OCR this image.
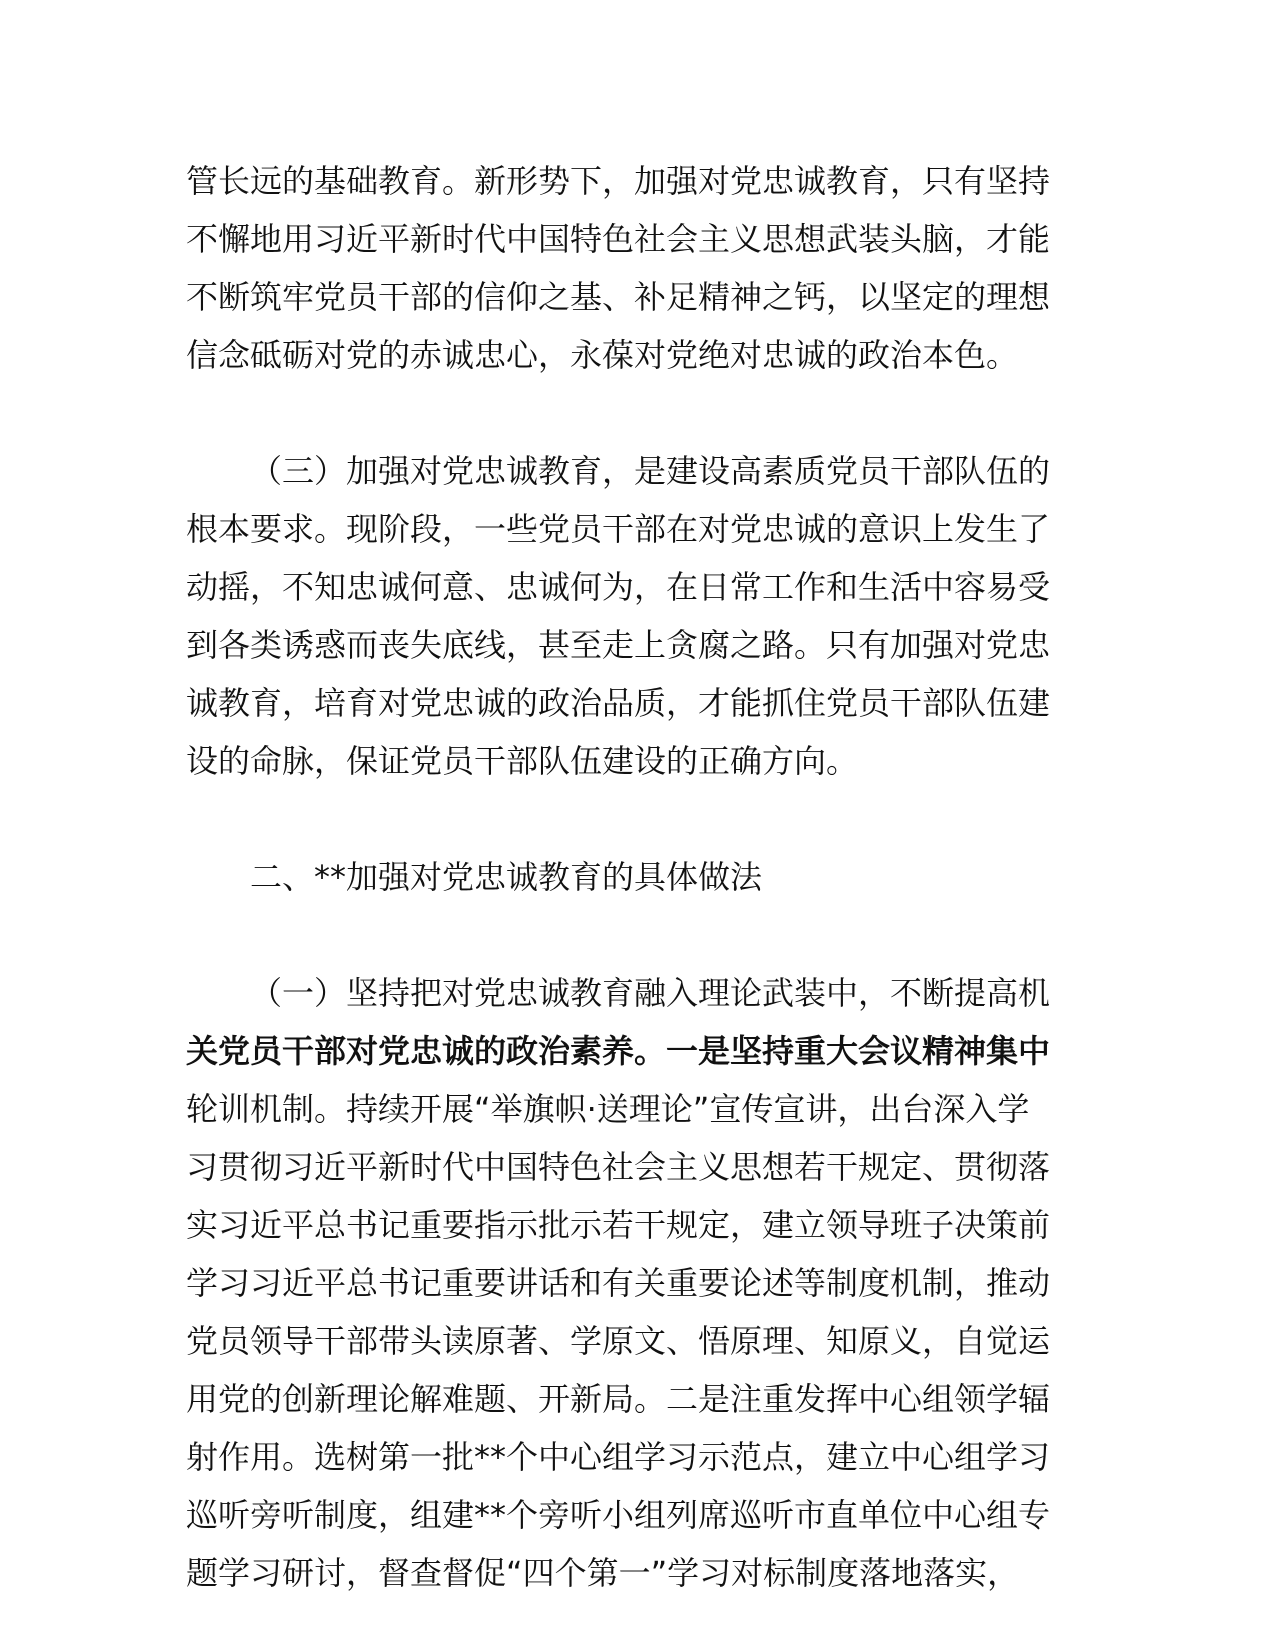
管长远的基础教育。新形势下，加强对党忠诚教育，只有坚持
不懈地用习近平新时代中国特色社会主义思想武装头脑，才能
不断筑牢党员干部的信仰之基、补足精神之钙，以坚定的理想
信念砥砺对党的赤诚忠心，永葆对党绝对忠诚的政治本色。
（三）加强对党忠诚教育，是建设高素质党员干部队伍的
根本要求。现阶段，一些党员干部在对党忠诚的意识上发生了
动摇，不知忠诚何意、忠诚何为，在日常工作和生活中容易受
到各类诱惑而丧失底线，甚至走上贪腐之路。只有加强对党忠
诚教育，培育对党忠诚的政治品质，才能抓住党员干部队伍建
设的命脉，保证党员干部队伍建设的正确方向。
二、**加强对党忠诚教育的具体做法
（一）坚持把对党忠诚教育融入理论武装中，不断提高机
关党员干部对党忠诚的政治素养。一是坚持重大会议精神集中
轮训机制。持续开展“举旗帜·送理论”宣传宣讲，出台深入学
习贯彻习近平新时代中国特色社会主义思想若干规定、贯彻落
实习近平总书记重要指示批示若干规定，建立领导班子决策前
学习习近平总书记重要讲话和有关重要论述等制度机制，推动
党员领导干部带头读原著、学原文、悟原理、知原义，自觉运
用党的创新理论解难题、开新局。二是注重发挥中心组领学辐
射作用。选树第一批**个中心组学习示范点，建立中心组学习
巡听旁听制度，组建**个旁听小组列席巡听市直单位中心组专
题学习研讨，督查督促“四个第一”学习对标制度落地落实，
